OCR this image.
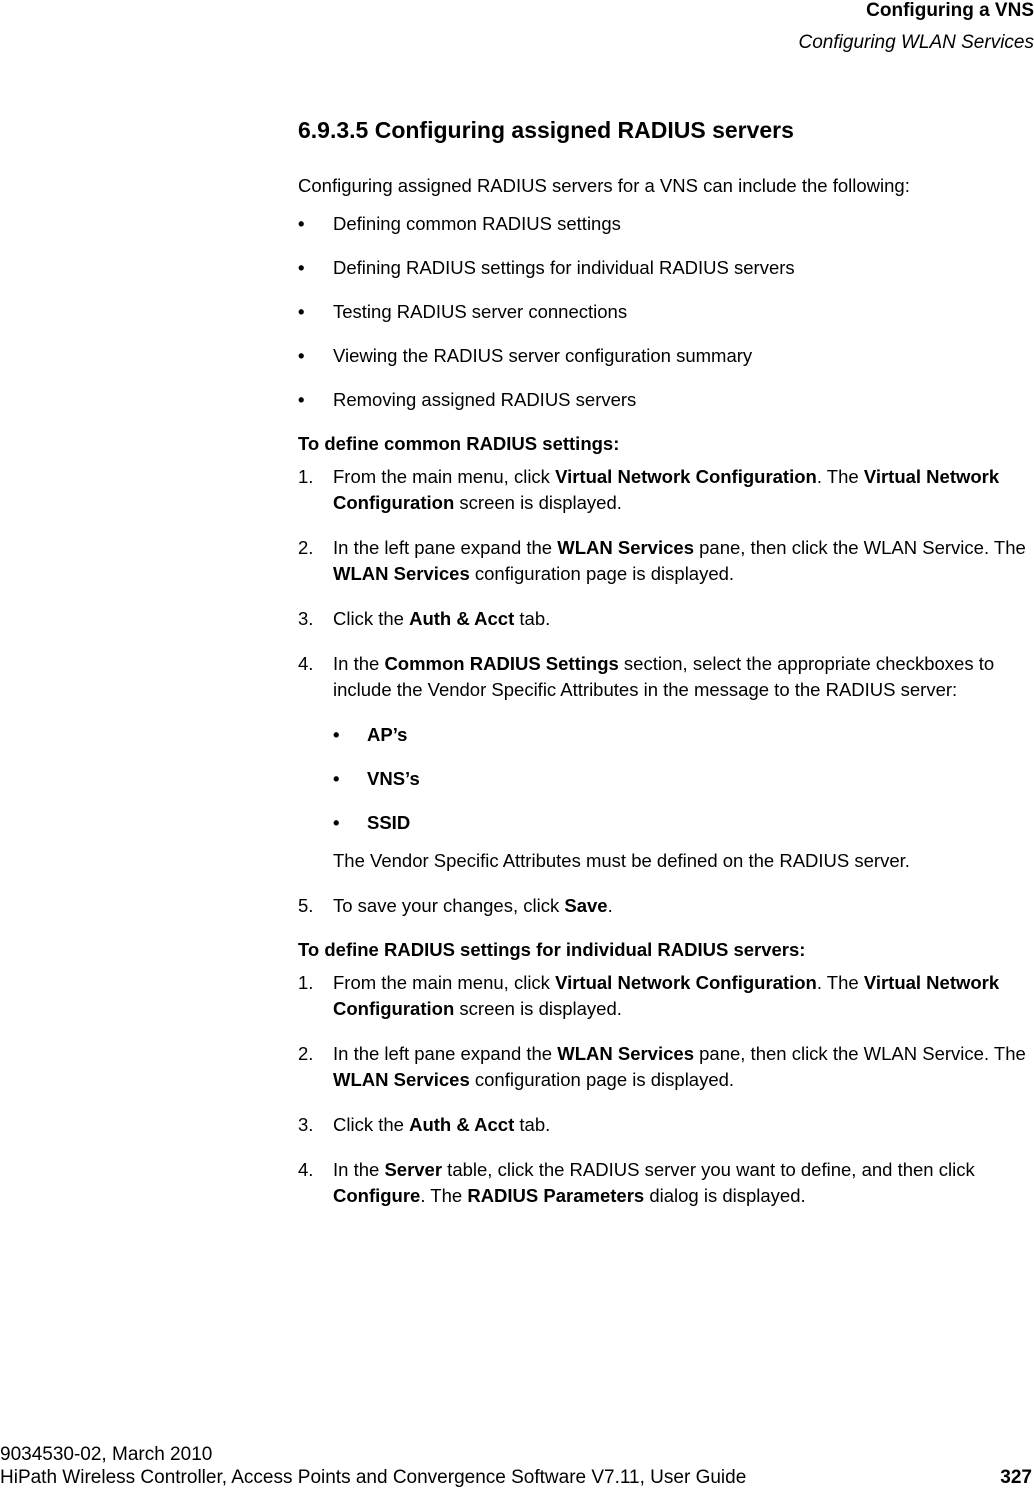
Configuring a VNS
Configuring WLAN Services
6.9.3.5 Configuring assigned RADIUS servers

Configuring assigned RADIUS servers for a VNS can include the following:

• Defining common RADIUS settings
• Defining RADIUS settings for individual RADIUS servers
• Testing RADIUS server connections
• Viewing the RADIUS server configuration summary
• Removing assigned RADIUS servers
To define common RADIUS settings:
1. From the main menu, click Virtual Network Configuration. The Virtual Network Configuration screen is displayed.
2. In the left pane expand the WLAN Services pane, then click the WLAN Service. The WLAN Services configuration page is displayed.
3. Click the Auth & Acct tab.
4. In the Common RADIUS Settings section, select the appropriate checkboxes to include the Vendor Specific Attributes in the message to the RADIUS server:
• AP’s
• VNS’s
• SSID
The Vendor Specific Attributes must be defined on the RADIUS server.
5. To save your changes, click Save.
To define RADIUS settings for individual RADIUS servers:
1. From the main menu, click Virtual Network Configuration. The Virtual Network Configuration screen is displayed.
2. In the left pane expand the WLAN Services pane, then click the WLAN Service. The WLAN Services configuration page is displayed.
3. Click the Auth & Acct tab.
4. In the Server table, click the RADIUS server you want to define, and then click Configure. The RADIUS Parameters dialog is displayed.
9034530-02, March 2010
HiPath Wireless Controller, Access Points and Convergence Software V7.11, User Guide	327
